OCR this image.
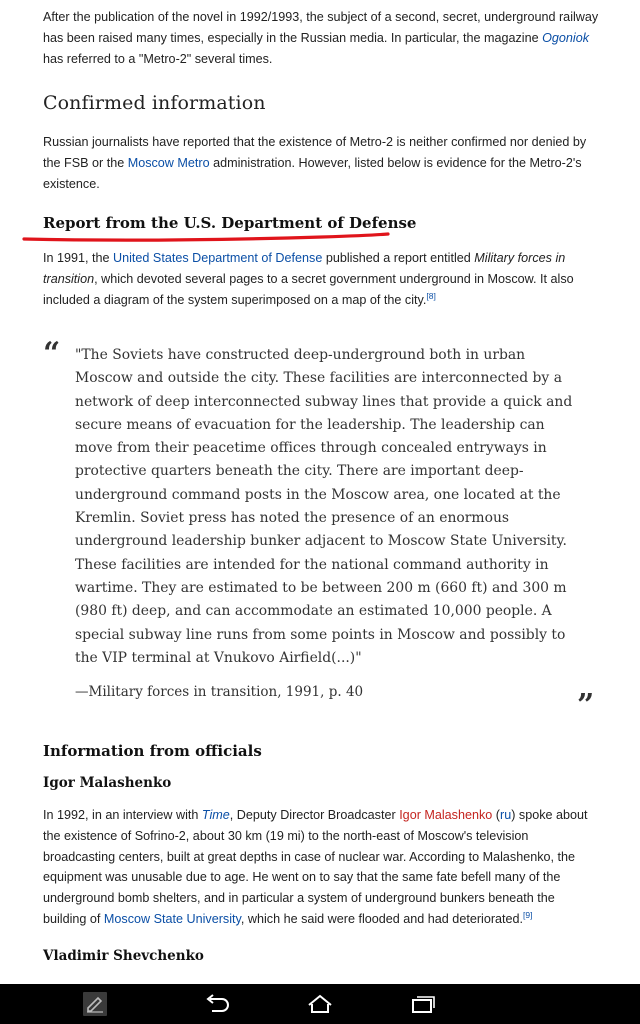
After the publication of the novel in 1992/1993, the subject of a second, secret, underground railway has been raised many times, especially in the Russian media. In particular, the magazine Ogoniok has referred to a "Metro-2" several times.
Confirmed information
Russian journalists have reported that the existence of Metro-2 is neither confirmed nor denied by the FSB or the Moscow Metro administration. However, listed below is evidence for the Metro-2's existence.
Report from the U.S. Department of Defense
In 1991, the United States Department of Defense published a report entitled Military forces in transition, which devoted several pages to a secret government underground in Moscow. It also included a diagram of the system superimposed on a map of the city.[8]
“ "The Soviets have constructed deep-underground both in urban Moscow and outside the city. These facilities are interconnected by a network of deep interconnected subway lines that provide a quick and secure means of evacuation for the leadership. The leadership can move from their peacetime offices through concealed entryways in protective quarters beneath the city. There are important deep-underground command posts in the Moscow area, one located at the Kremlin. Soviet press has noted the presence of an enormous underground leadership bunker adjacent to Moscow State University. These facilities are intended for the national command authority in wartime. They are estimated to be between 200 m (660 ft) and 300 m (980 ft) deep, and can accommodate an estimated 10,000 people. A special subway line runs from some points in Moscow and possibly to the VIP terminal at Vnukovo Airfield(...)"
—Military forces in transition, 1991, p. 40	”
Information from officials
Igor Malashenko
In 1992, in an interview with Time, Deputy Director Broadcaster Igor Malashenko (ru) spoke about the existence of Sofrino-2, about 30 km (19 mi) to the north-east of Moscow's television broadcasting centers, built at great depths in case of nuclear war. According to Malashenko, the equipment was unusable due to age. He went on to say that the same fate befell many of the underground bomb shelters, and in particular a system of underground bunkers beneath the building of Moscow State University, which he said were flooded and had deteriorated.[9]
Vladimir Shevchenko
